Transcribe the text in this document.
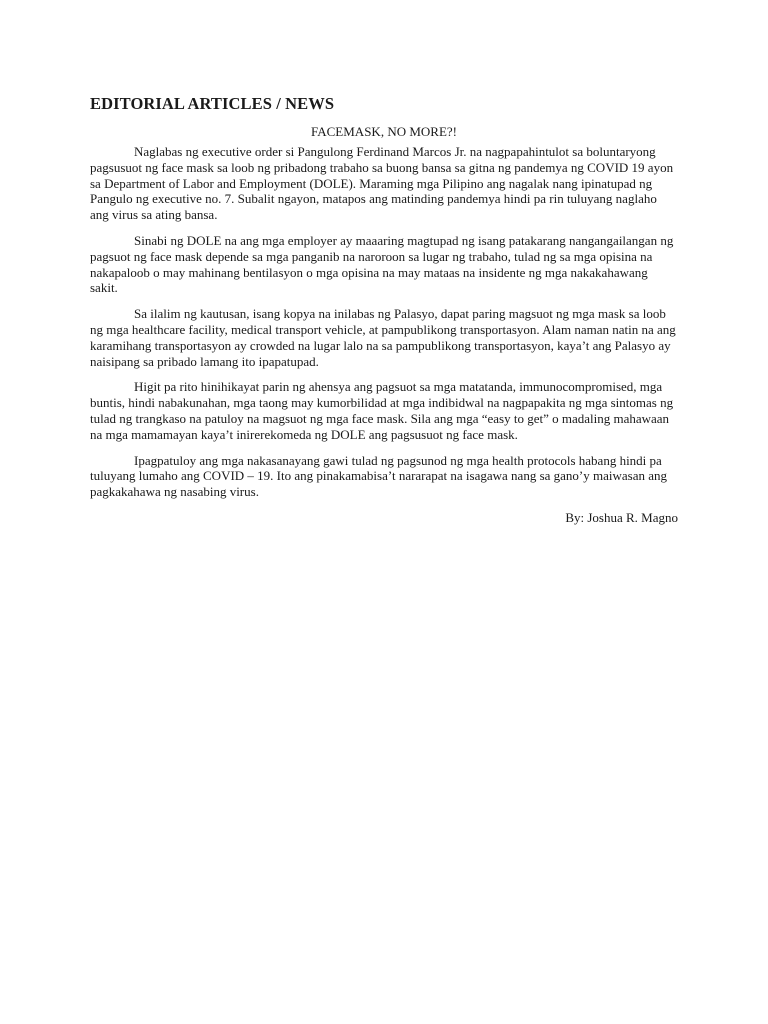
EDITORIAL ARTICLES / NEWS

FACEMASK, NO MORE?!

Naglabas ng executive order si Pangulong Ferdinand Marcos Jr. na nagpapahintulot sa boluntaryong pagsusuot ng face mask sa loob ng pribadong trabaho sa buong bansa sa gitna ng pandemya ng COVID 19 ayon sa Department of Labor and Employment (DOLE). Maraming mga Pilipino ang nagalak nang ipinatupad ng Pangulo ng executive no. 7. Subalit ngayon, matapos ang matinding pandemya hindi pa rin tuluyang naglaho ang virus sa ating bansa.

Sinabi ng DOLE na ang mga employer ay maaaring magtupad ng isang patakarang nangangailangan ng pagsuot ng face mask depende sa mga panganib na naroroon sa lugar ng trabaho, tulad ng sa mga opisina na nakapaloob o may mahinang bentilasyon o mga opisina na may mataas na insidente ng mga nakakahawang sakit.

Sa ilalim ng kautusan, isang kopya na inilabas ng Palasyo, dapat paring magsuot ng mga mask sa loob ng mga healthcare facility, medical transport vehicle, at pampublikong transportasyon. Alam naman natin na ang karamihang transportasyon ay crowded na lugar lalo na sa pampublikong transportasyon, kaya’t ang Palasyo ay naisipang sa pribado lamang ito ipapatupad.

Higit pa rito hinihikayat parin ng ahensya ang pagsuot sa mga matatanda, immunocompromised, mga buntis, hindi nabakunahan, mga taong may kumorbilidad at mga indibidwal na nagpapakita ng mga sintomas ng tulad ng trangkaso na patuloy na magsuot ng mga face mask. Sila ang mga “easy to get” o madaling mahawaan na mga mamamayan kaya’t inirerekomeda ng DOLE ang pagsusuot ng face mask.

Ipagpatuloy ang mga nakasanayang gawi tulad ng pagsunod ng mga health protocols habang hindi pa tuluyang lumaho ang COVID – 19. Ito ang pinakamabisa’t nararapat na isagawa nang sa gano’y maiwasan ang pagkakahawa ng nasabing virus.

By: Joshua R. Magno
